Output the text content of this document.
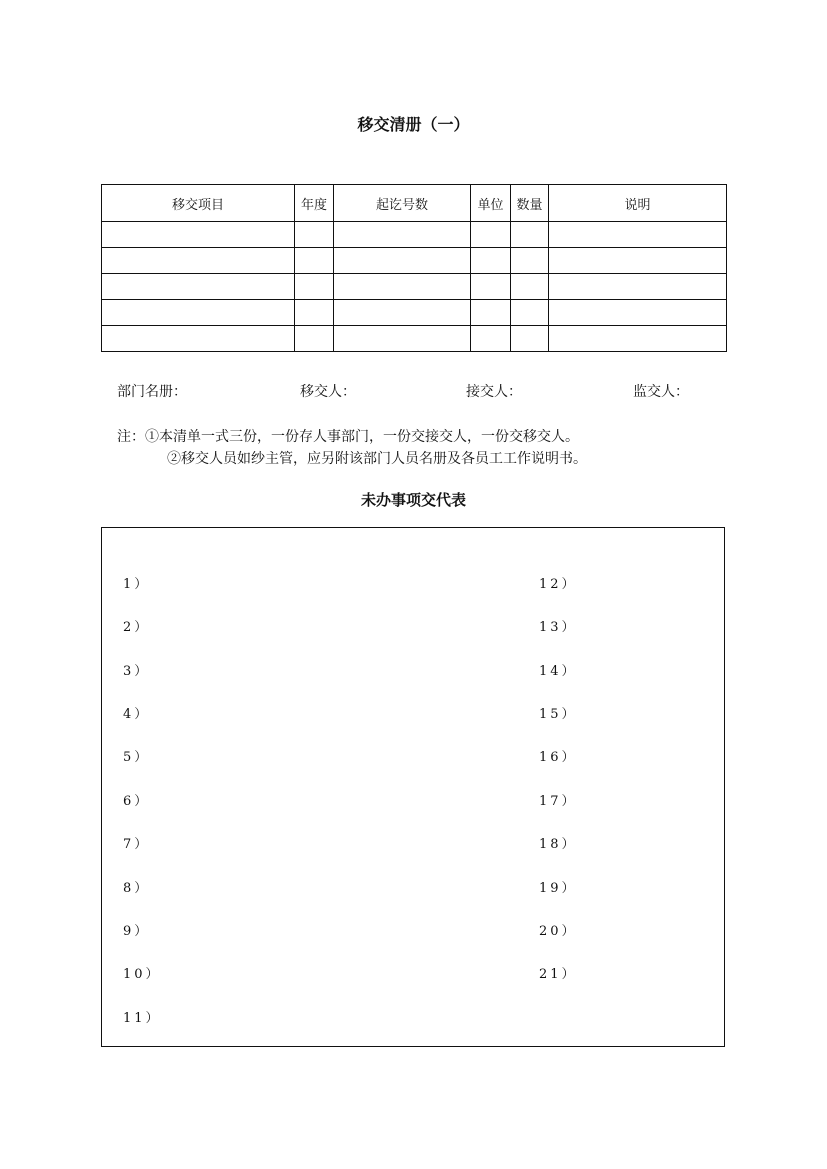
移交清册（一）
移交项目	年度	起讫号数	单位	数量	说明

部门名册：	移交人：	接交人：	监交人：
注：①本清单一式三份，一份存人事部门，一份交接交人，一份交移交人。
②移交人员如纱主管，应另附该部门人员名册及各员工工作说明书。
未办事项交代表
1）
2）
3）
4）
5）
6）
7）
8）
9）
10）
11）
12）
13）
14）
15）
16）
17）
18）
19）
20）
21）
